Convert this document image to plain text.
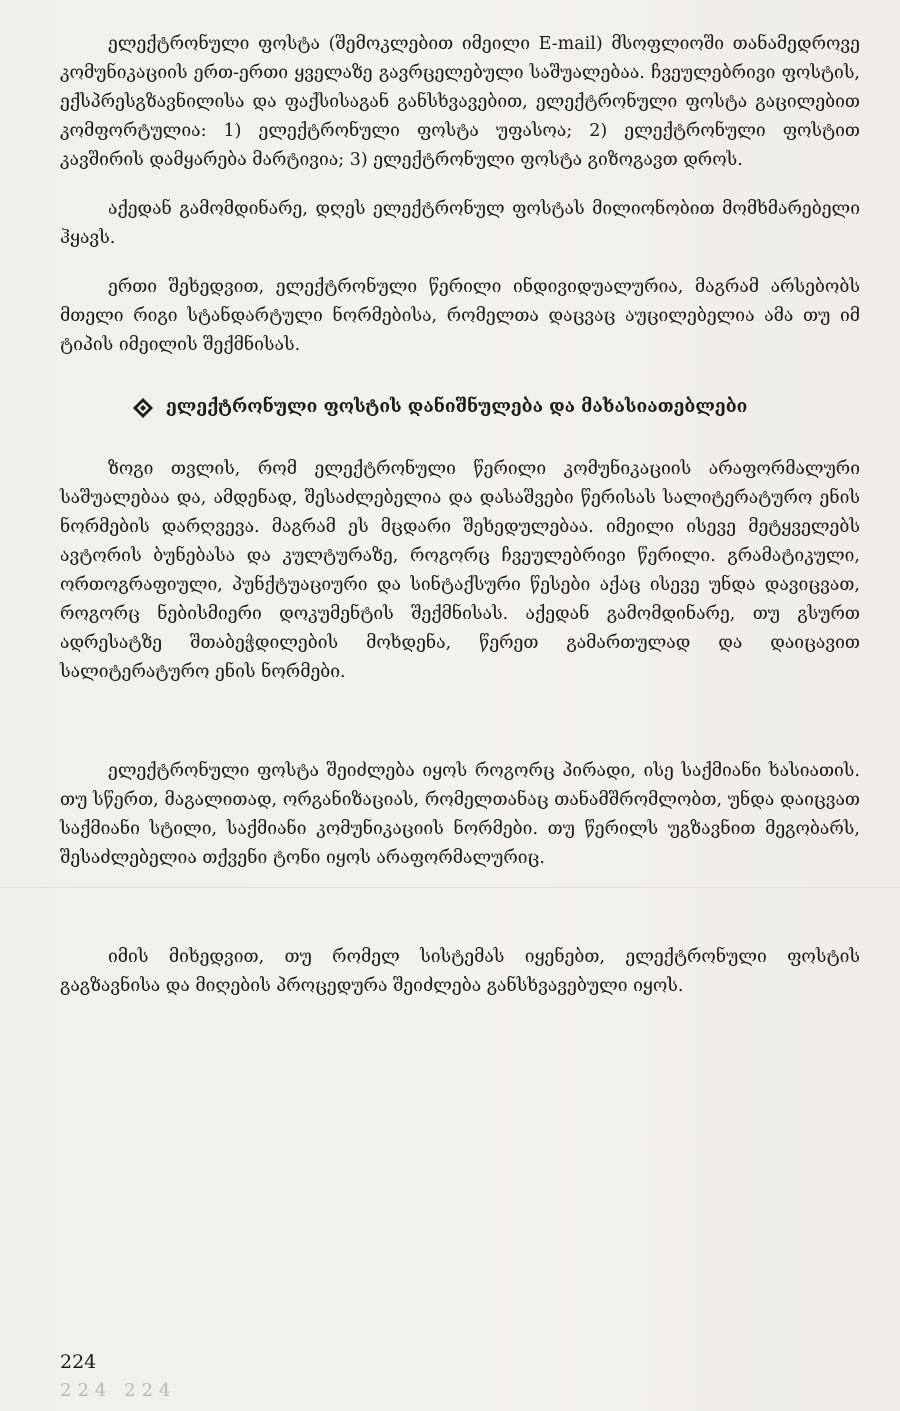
ელექტრონული ფოსტა (შემოკლებით იმეილი E-mail) მსოფლიოში თანამედროვე კომუნიკაციის ერთ-ერთი ყველაზე გავრცელებული საშუალებაა. ჩვეულებრივი ფოსტის, ექსპრესგზავნილისა და ფაქსისაგან განსხვავებით, ელექტრონული ფოსტა გაცილებით კომფორტულია: 1) ელექტრონული ფოსტა უფასოა; 2) ელექტრონული ფოსტით კავშირის დამყარება მარტივია; 3) ელექტრონული ფოსტა გიზოგავთ დროს.

აქედან გამომდინარე, დღეს ელექტრონულ ფოსტას მილიონობით მომხმარებელი ჰყავს.

ერთი შეხედვით, ელექტრონული წერილი ინდივიდუალურია, მაგრამ არსებობს მთელი რიგი სტანდარტული ნორმებისა, რომელთა დაცვაც აუცილებელია ამა თუ იმ ტიპის იმეილის შექმნისას.

ელექტრონული ფოსტის დანიშნულება და მახასიათებლები

ზოგი თვლის, რომ ელექტრონული წერილი კომუნიკაციის არაფორმალური საშუალებაა და, ამდენად, შესაძლებელია და დასაშვები წერისას სალიტერატურო ენის ნორმების დარღვევა. მაგრამ ეს მცდარი შეხედულებაა. იმეილი ისევე მეტყველებს ავტორის ბუნებასა და კულტურაზე, როგორც ჩვეულებრივი წერილი. გრამატიკული, ორთოგრაფიული, პუნქტუაციური და სინტაქსური წესები აქაც ისევე უნდა დავიცვათ, როგორც ნებისმიერი დოკუმენტის შექმნისას. აქედან გამომდინარე, თუ გსურთ ადრესატზე შთაბეჭდილების მოხდენა, წერეთ გამართულად და დაიცავით სალიტერატურო ენის ნორმები.

ელექტრონული ფოსტა შეიძლება იყოს როგორც პირადი, ისე საქმიანი ხასიათის. თუ სწერთ, მაგალითად, ორგანიზაციას, რომელთანაც თანამშრომლობთ, უნდა დაიცვათ საქმიანი სტილი, საქმიანი კომუნიკაციის ნორმები. თუ წერილს უგზავნით მეგობარს, შესაძლებელია თქვენი ტონი იყოს არაფორმალურიც.

იმის მიხედვით, თუ რომელ სისტემას იყენებთ, ელექტრონული ფოსტის გაგზავნისა და მიღების პროცედურა შეიძლება განსხვავებული იყოს.

224
224 224
